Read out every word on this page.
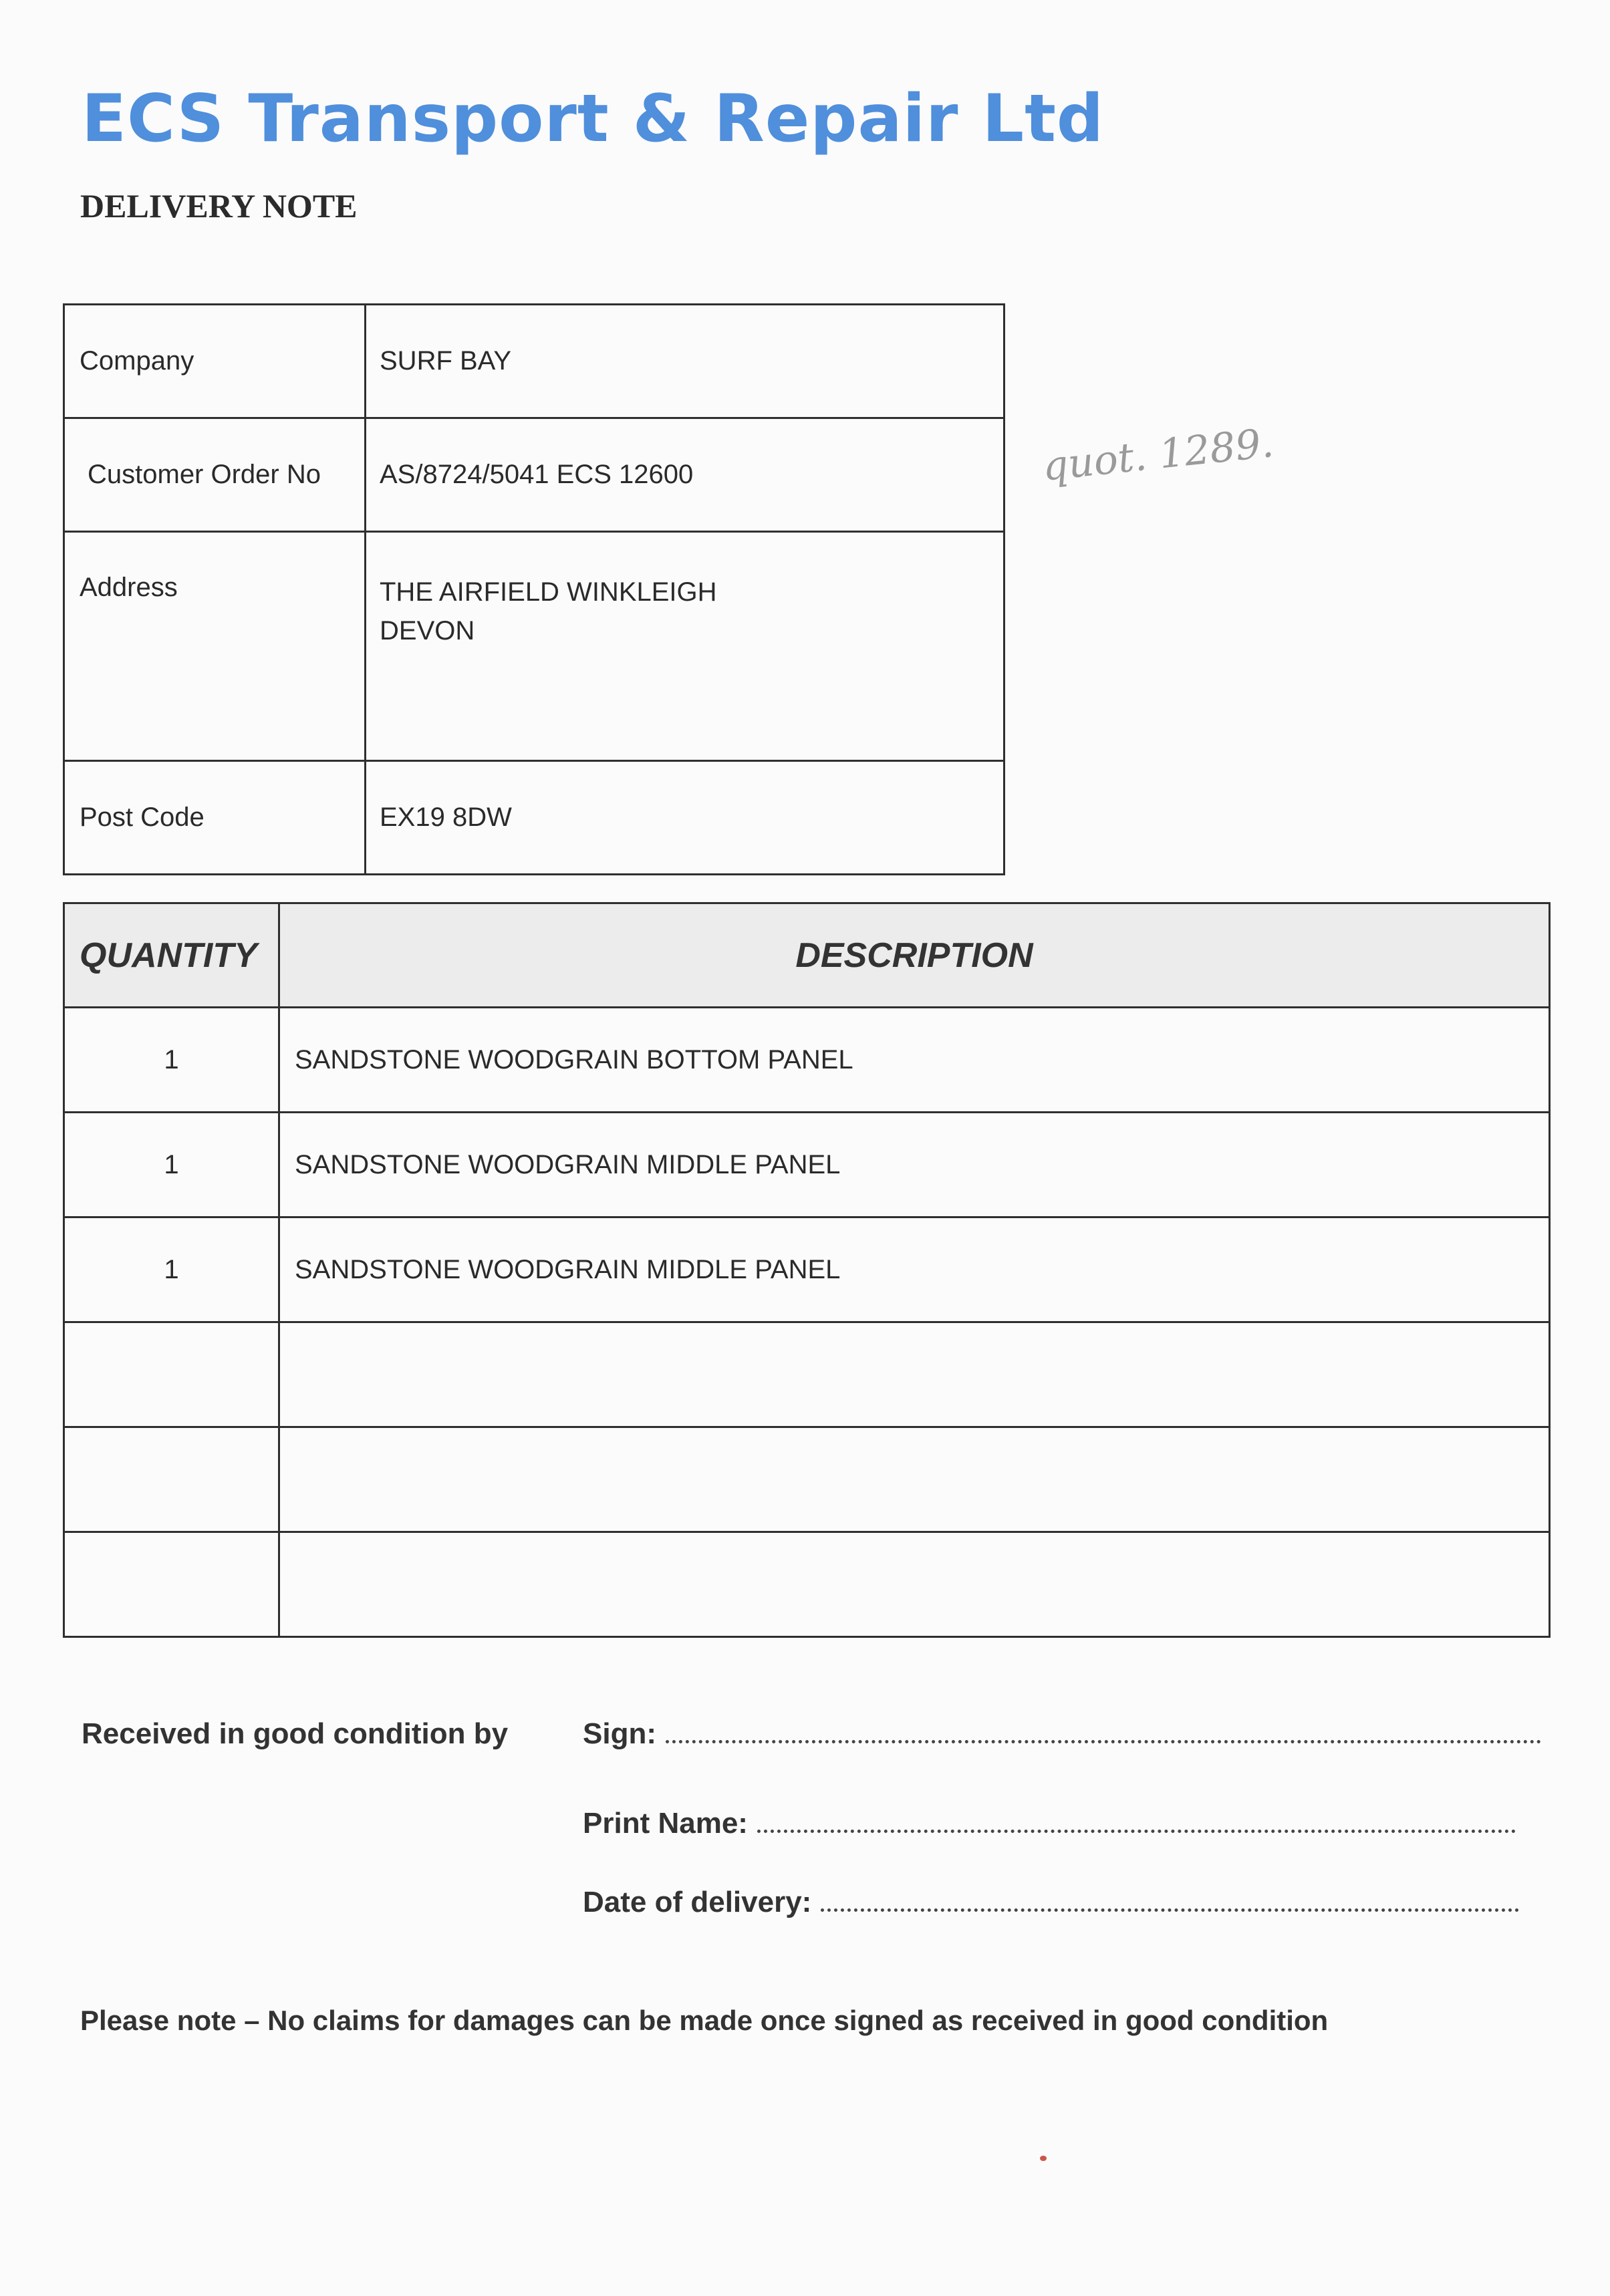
ECS Transport & Repair Ltd
DELIVERY NOTE
Company	SURF BAY
Customer Order No	AS/8724/5041 ECS 12600
Address	THE AIRFIELD WINKLEIGH
DEVON

Post Code	EX19 8DW

quot. 1289.

QUANTITY	DESCRIPTION
1	SANDSTONE WOODGRAIN BOTTOM PANEL
1	SANDSTONE WOODGRAIN MIDDLE PANEL
1	SANDSTONE WOODGRAIN MIDDLE PANEL

Received in good condition by	Sign:
Print Name:
Date of delivery:

Please note – No claims for damages can be made once signed as received in good condition
